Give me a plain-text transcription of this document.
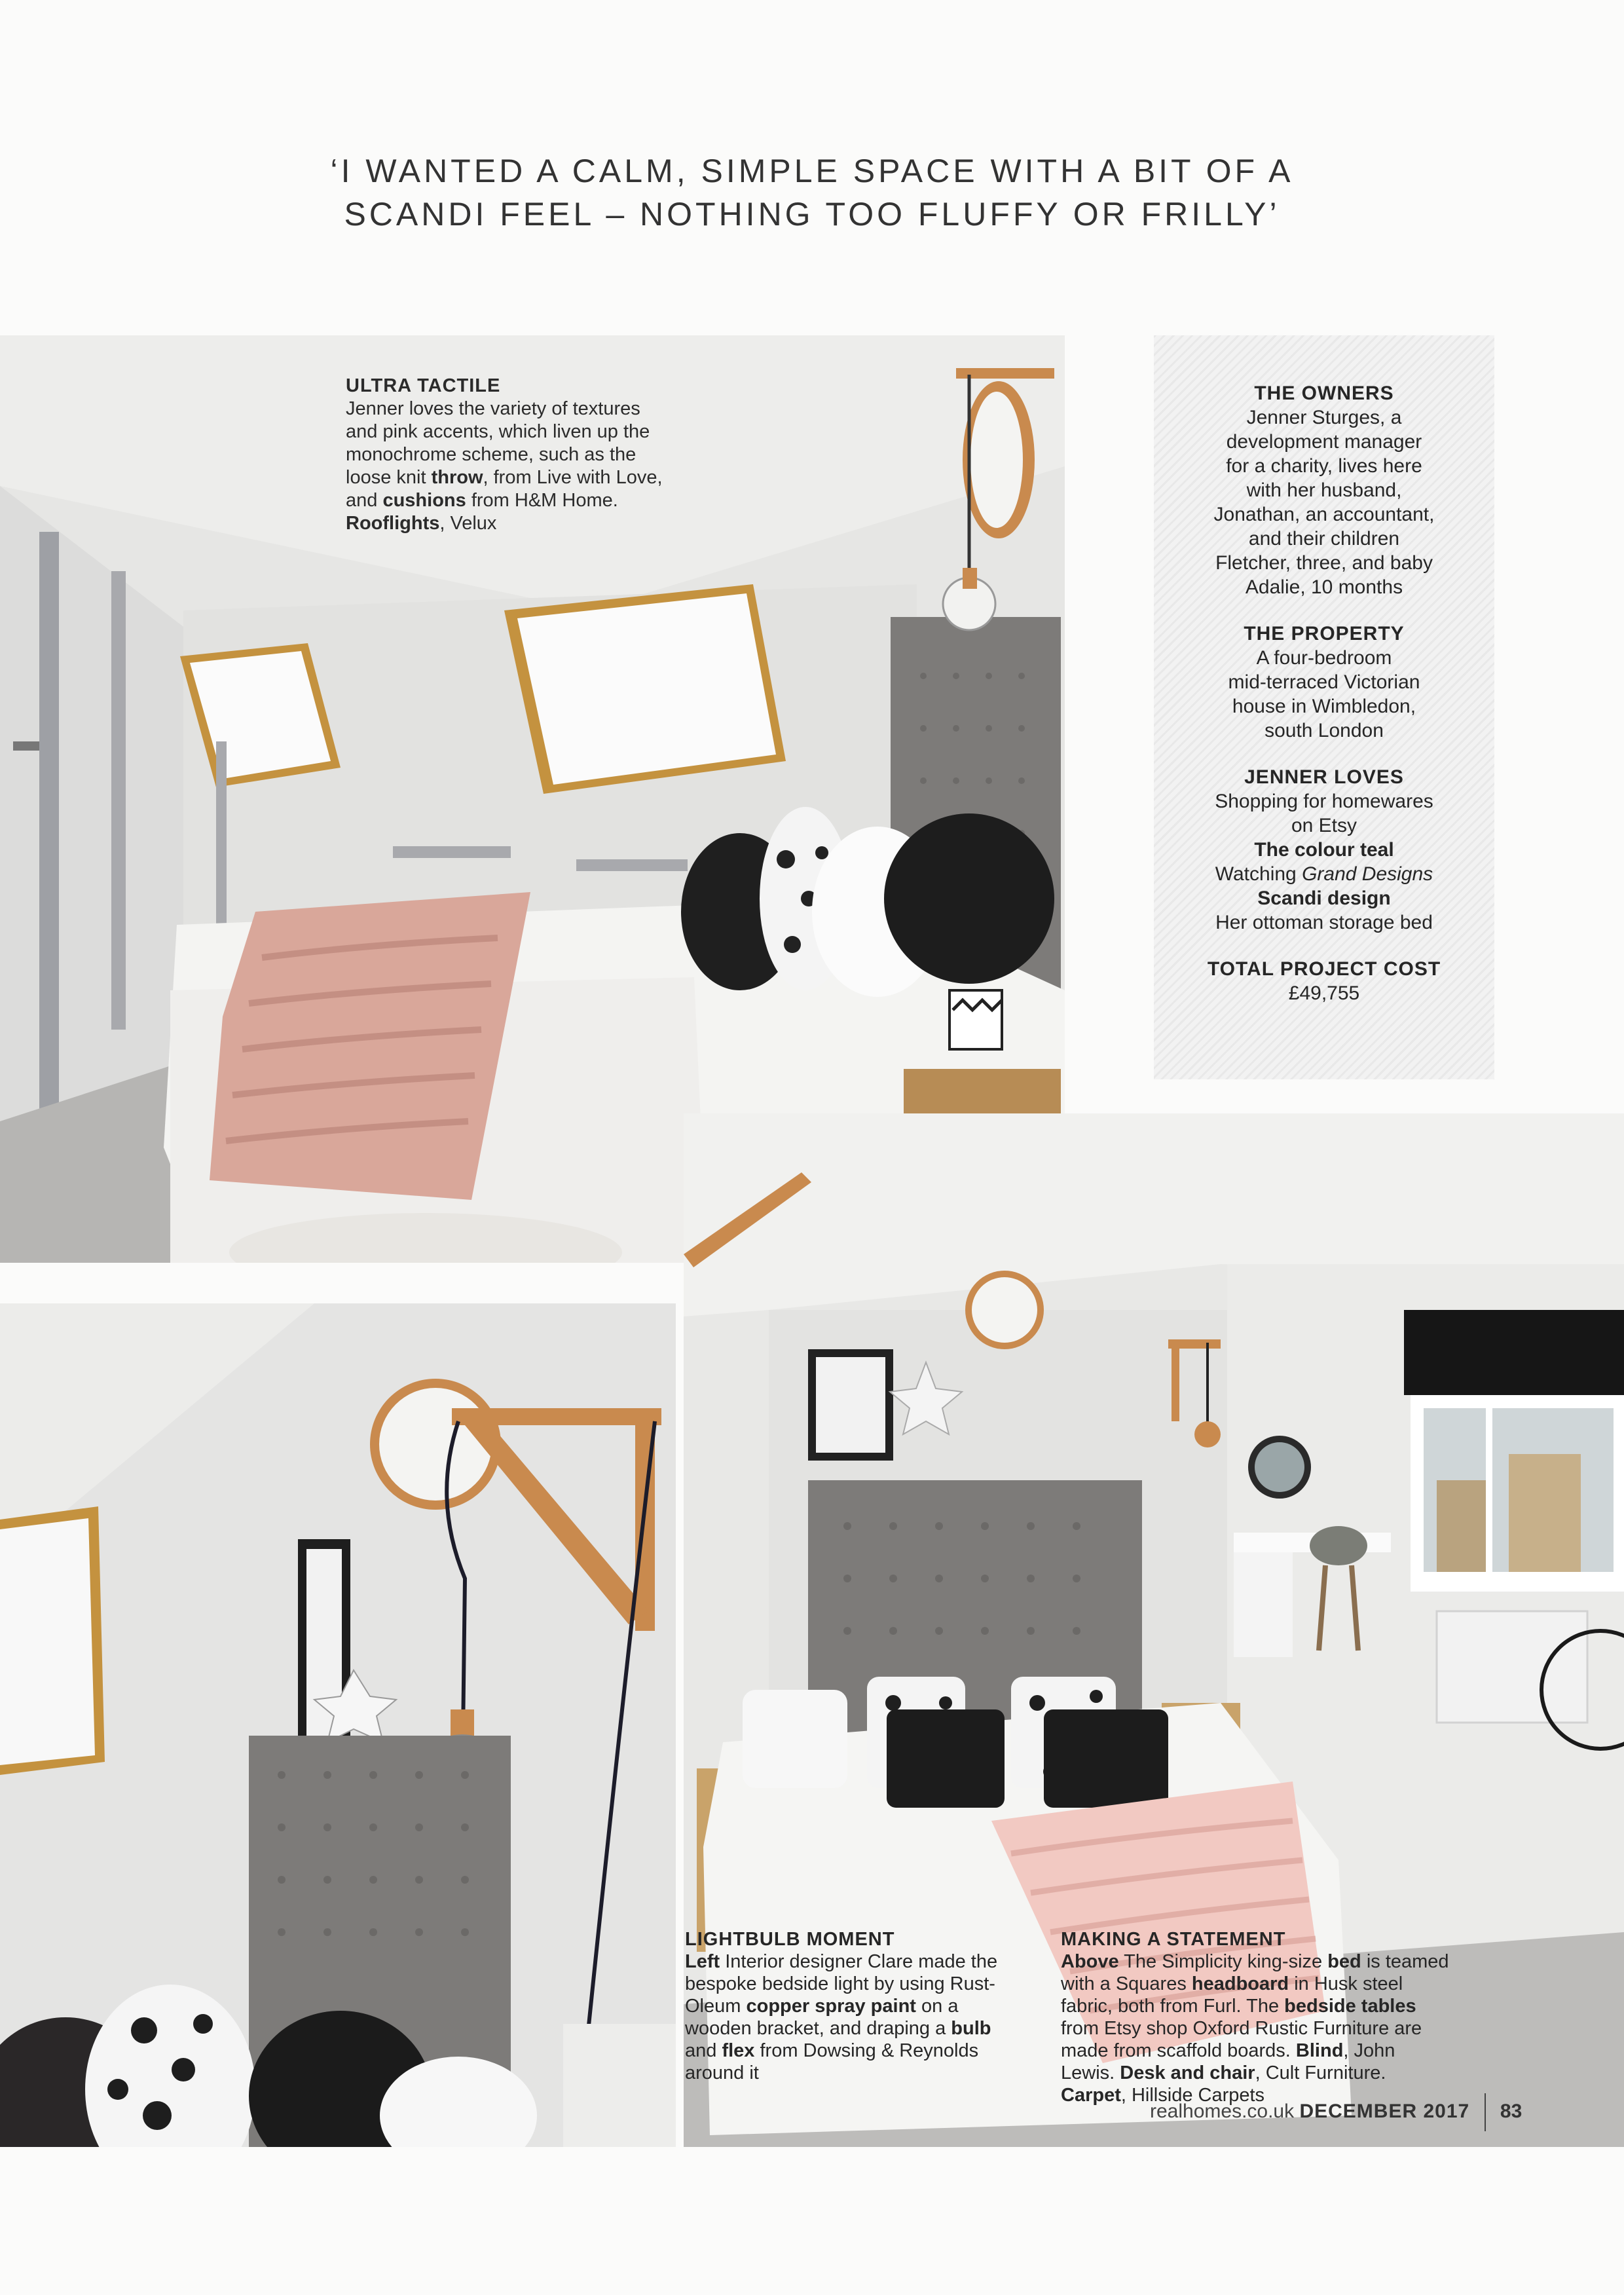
‘I WANTED A CALM, SIMPLE SPACE WITH A BIT OF A
SCANDI FEEL – NOTHING TOO FLUFFY OR FRILLY’
ULTRA TACTILE
Jenner loves the variety of textures and pink accents, which liven up the monochrome scheme, such as the loose knit throw, from Live with Love, and cushions from H&M Home. Rooflights, Velux
THE OWNERS
Jenner Sturges, a
development manager
for a charity, lives here
with her husband,
Jonathan, an accountant,
and their children
Fletcher, three, and baby
Adalie, 10 months
THE PROPERTY
A four-bedroom
mid-terraced Victorian
house in Wimbledon,
south London
JENNER LOVES
Shopping for homewares
on Etsy
The colour teal
Watching Grand Designs
Scandi design
Her ottoman storage bed
TOTAL PROJECT COST
£49,755
LIGHTBULB MOMENT
Left Interior designer Clare made the bespoke bedside light by using Rust-Oleum copper spray paint on a wooden bracket, and draping a bulb and flex from Dowsing & Reynolds around it
MAKING A STATEMENT
Above The Simplicity king-size bed is teamed with a Squares headboard in Husk steel fabric, both from Furl. The bedside tables from Etsy shop Oxford Rustic Furniture are made from scaffold boards. Blind, John Lewis. Desk and chair, Cult Furniture. Carpet, Hillside Carpets
realhomes.co.uk DECEMBER 2017 83
